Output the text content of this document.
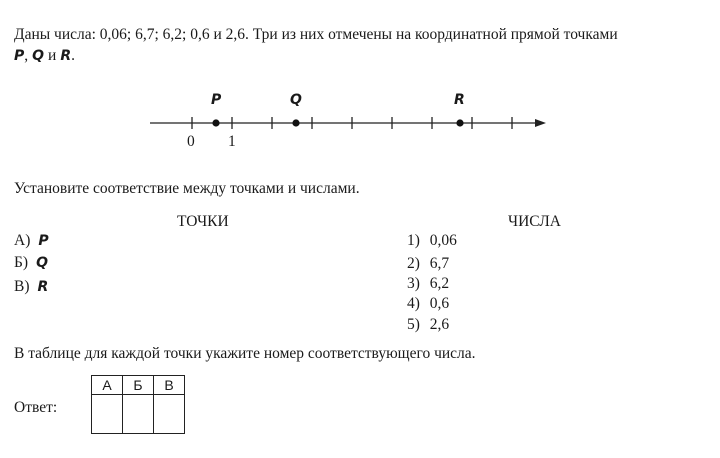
Даны числа: 0,06; 6,7; 6,2; 0,6 и 2,6. Три из них отмечены на координатной прямой точками
P, Q и R.
P	Q	R
0 1
Установите соответствие между точками и числами.
ТОЧКИ	ЧИСЛА
А) P
Б) Q
В) R
1) 0,06
2) 6,7
3) 6,2
4) 0,6
5) 2,6
В таблице для каждой точки укажите номер соответствующего числа.
Ответ:
А	Б	В
